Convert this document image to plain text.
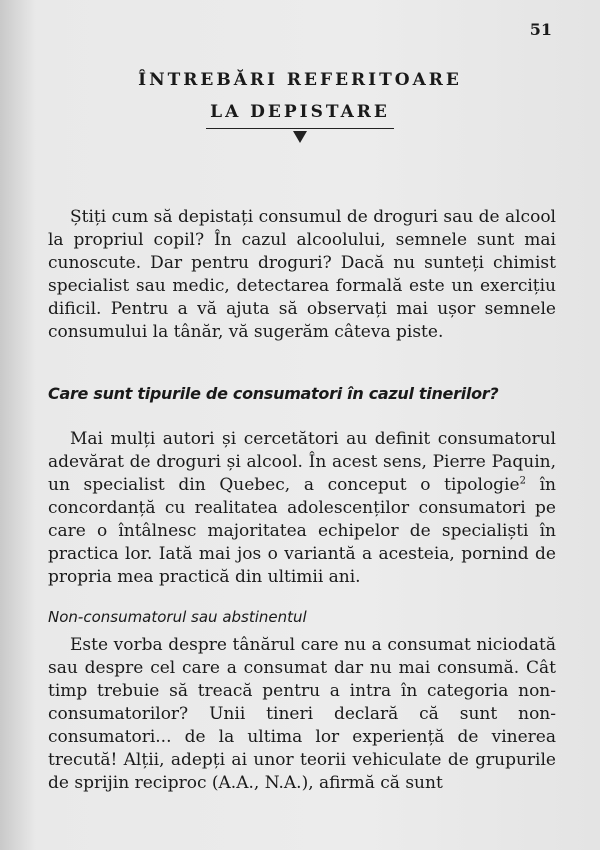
51
ÎNTREBĂRI REFERITOARE
LA DEPISTARE
Știți cum să depistați consumul de droguri sau de alcool la propriul copil? În cazul alcoolului, semnele sunt mai cunoscute. Dar pentru droguri? Dacă nu sunteți chimist specialist sau medic, detectarea formală este un exercițiu dificil. Pentru a vă ajuta să observați mai ușor semnele consumului la tânăr, vă sugerăm câteva piste.
Care sunt tipurile de consumatori în cazul tinerilor?
Mai mulți autori și cercetători au definit consumatorul adevărat de droguri și alcool. În acest sens, Pierre Paquin, un specialist din Quebec, a conceput o tipologie$^2$ în concordanță cu realitatea adolescenților consumatori pe care o întâlnesc majoritatea echipelor de specialiști în practica lor. Iată mai jos o variantă a acesteia, pornind de propria mea practică din ultimii ani.
Non-consumatorul sau abstinentul
Este vorba despre tânărul care nu a consumat niciodată sau despre cel care a consumat dar nu mai consumă. Cât timp trebuie să treacă pentru a intra în categoria non-consumatorilor? Unii tineri declară că sunt non-consumatori... de la ultima lor experiență de vinerea trecută! Alții, adepți ai unor teorii vehiculate de grupurile de sprijin reciproc (A.A., N.A.), afirmă că sunt
